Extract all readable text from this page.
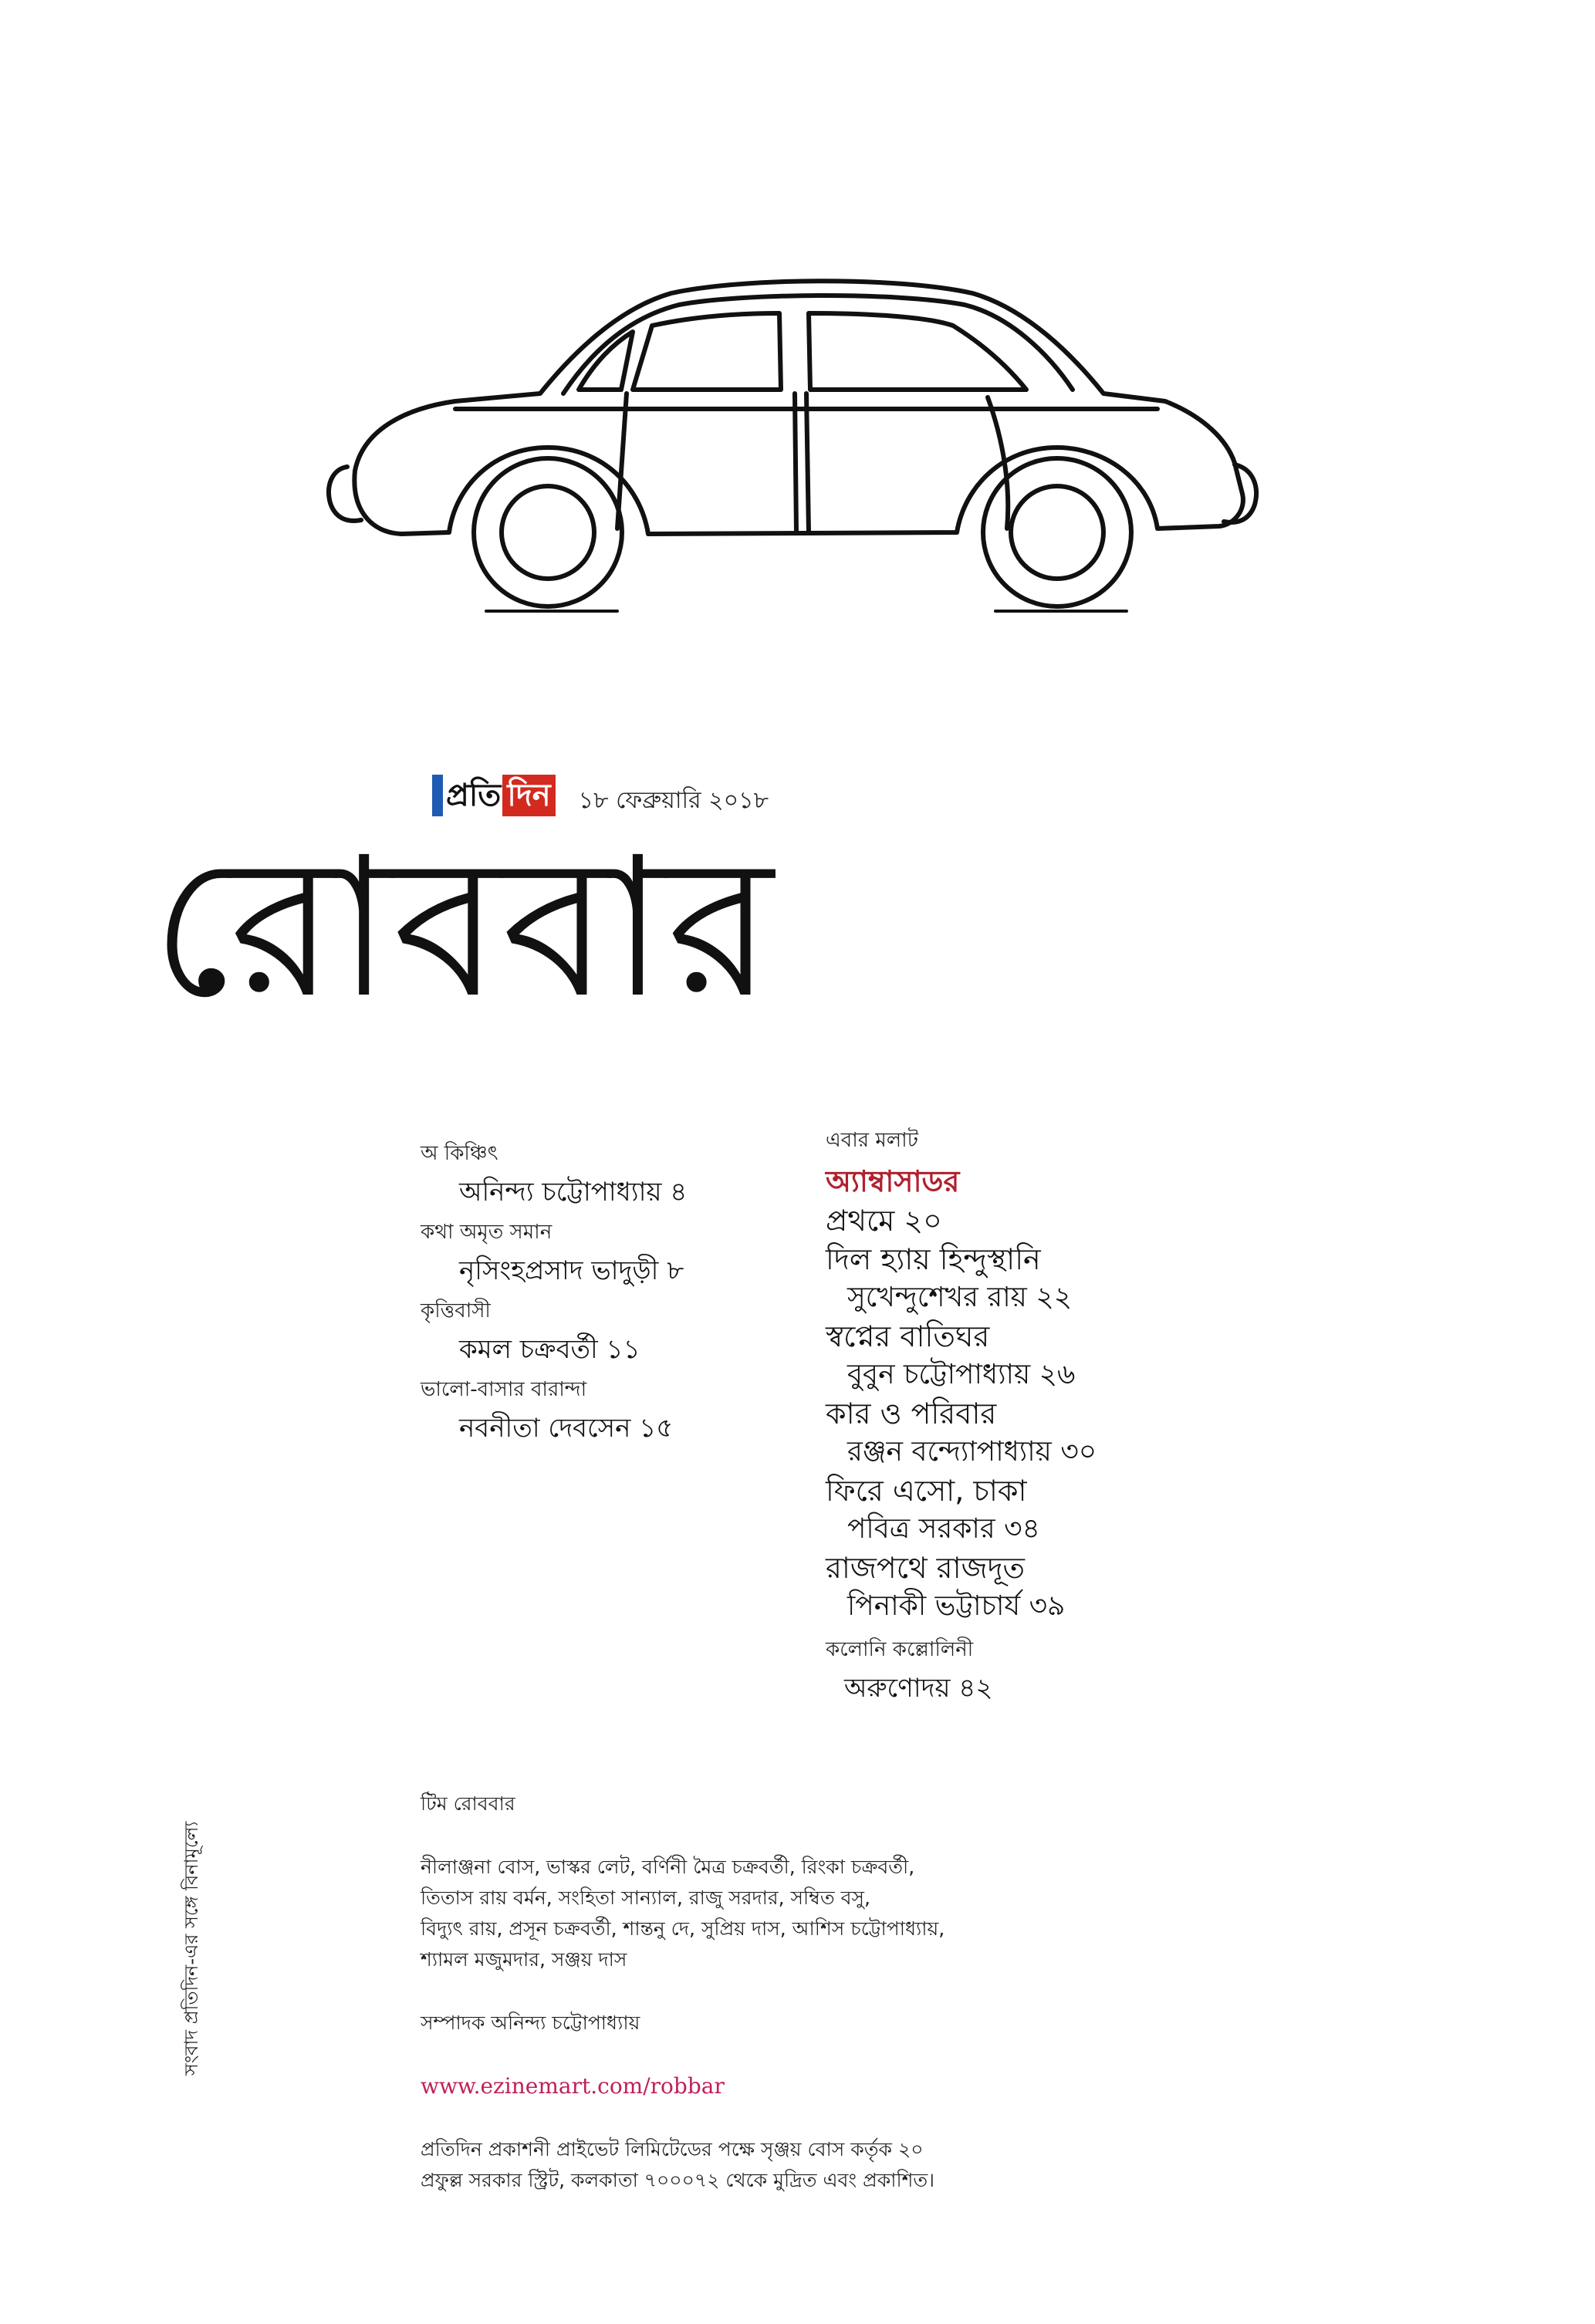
প্রতি দিন ১৮ ফেব্রুয়ারি ২০১৮
রোববার
অ কিঞ্চিৎ
অনিন্দ্য চট্টোপাধ্যায় ৪
কথা অমৃত সমান
নৃসিংহপ্রসাদ ভাদুড়ী ৮
কৃত্তিবাসী
কমল চক্রবর্তী ১১
ভালো-বাসার বারান্দা
নবনীতা দেবসেন ১৫
এবার মলাট
অ্যাম্বাসাডর
প্রথমে ২০
দিল হ্যায় হিন্দুস্থানি
সুখেন্দুশেখর রায় ২২
স্বপ্নের বাতিঘর
বুবুন চট্টোপাধ্যায় ২৬
কার ও পরিবার
রঞ্জন বন্দ্যোপাধ্যায় ৩০
ফিরে এসো, চাকা
পবিত্র সরকার ৩৪
রাজপথে রাজদূত
পিনাকী ভট্টাচার্য ৩৯
কলোনি কল্লোলিনী
অরুণোদয় ৪২
টিম রোববার
নীলাঞ্জনা বোস, ভাস্কর লেট, বর্ণিনী মৈত্র চক্রবর্তী, রিংকা চক্রবর্তী,
তিতাস রায় বর্মন, সংহিতা সান্যাল, রাজু সরদার, সম্বিত বসু,
বিদ্যুৎ রায়, প্রসূন চক্রবর্তী, শান্তনু দে, সুপ্রিয় দাস, আশিস চট্টোপাধ্যায়,
শ্যামল মজুমদার, সঞ্জয় দাস
সম্পাদক অনিন্দ্য চট্টোপাধ্যায়
www.ezinemart.com/robbar
প্রতিদিন প্রকাশনী প্রাইভেট লিমিটেডের পক্ষে সৃঞ্জয় বোস কর্তৃক ২০
প্রফুল্ল সরকার স্ট্রিট, কলকাতা ৭০০০৭২ থেকে মুদ্রিত এবং প্রকাশিত।
সংবাদ প্রতিদিন-এর সঙ্গে বিনামূল্যে
